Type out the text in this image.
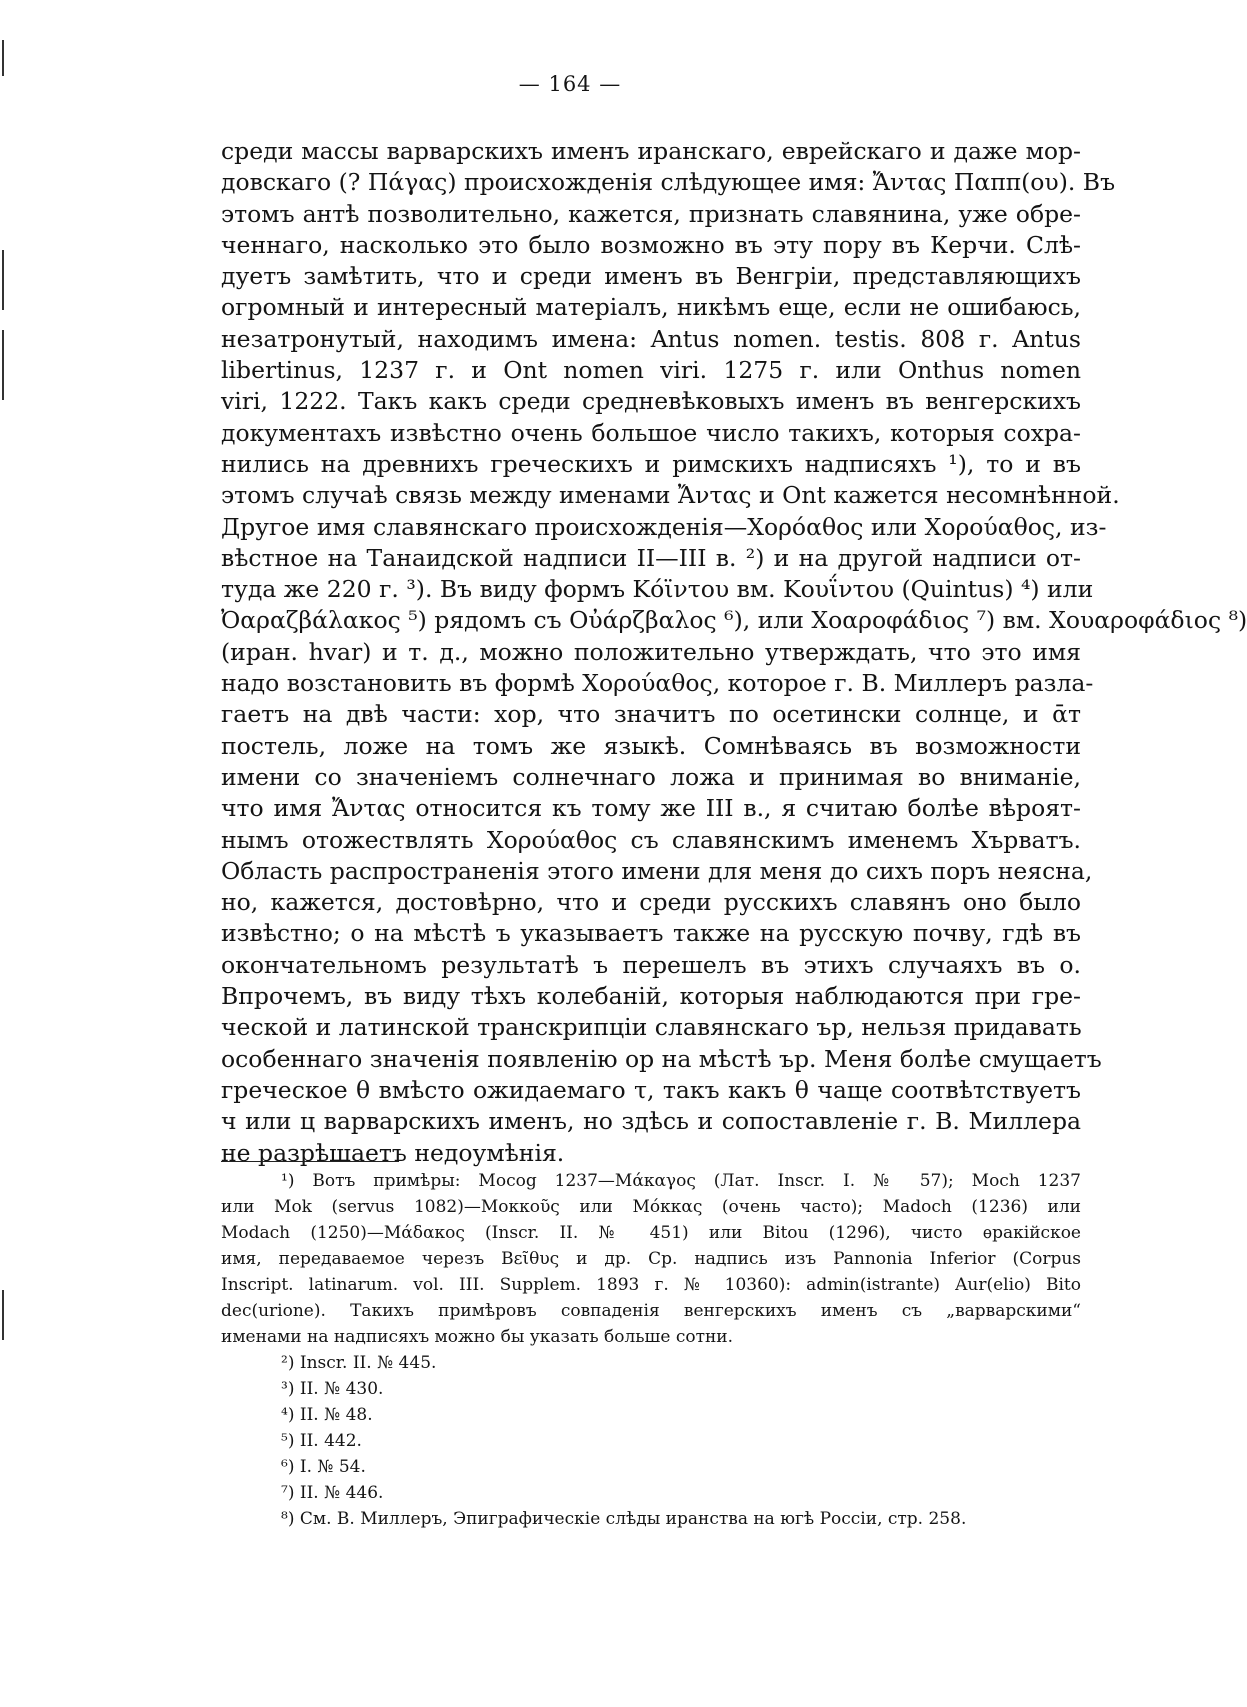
— 164 —
среди массы варварскихъ именъ иранскаго, еврейскаго и даже мор-
довскаго (? Πάγας) происхожденія слѣдующее имя: Ἄντας Παππ(ου). Въ
этомъ антѣ позволительно, кажется, признать славянина, уже обре-
ченнаго, насколько это было возможно въ эту пору въ Керчи. Слѣ-
дуетъ замѣтить, что и среди именъ въ Венгріи, представляющихъ
огромный и интересный матеріалъ, никѣмъ еще, если не ошибаюсь,
незатронутый, находимъ имена: Antus nomen. testis. 808 г. Antus
libertinus, 1237 г. и Ont nomen viri. 1275 г. или Onthus nomen
viri, 1222. Такъ какъ среди средневѣковыхъ именъ въ венгерскихъ
документахъ извѣстно очень большое число такихъ, которыя сохра-
нились на древнихъ греческихъ и римскихъ надписяхъ ¹), то и въ
этомъ случаѣ связь между именами Ἄντας и Ont кажется несомнѣнной.
Другое имя славянскаго происхожденія—Χορόαθος или Χορούαθος, из-
вѣстное на Танаидской надписи II—III в. ²) и на другой надписи от-
туда же 220 г. ³). Въ виду формъ Κόϊντου вм. Κουΐντου (Quintus) ⁴) или
Ὀαραζβάλακος ⁵) рядомъ съ Οὐάρζβαλος ⁶), или Χοαροφάδιος ⁷) вм. Χουαροφάδιος ⁸)
(иран. hvar) и т. д., можно положительно утверждать, что это имя
надо возстановить въ формѣ Χορούαθος, которое г. В. Миллеръ разла-
гаетъ на двѣ части: хор, что значитъ по осетински солнце, и ᾱт
постель, ложе на томъ же языкѣ. Сомнѣваясь въ возможности
имени со значеніемъ солнечнаго ложа и принимая во вниманіе,
что имя Ἄντας относится къ тому же III в., я считаю болѣе вѣроят-
нымъ отожествлять Χορούαθος съ славянскимъ именемъ Хърватъ.
Область распространенія этого имени для меня до сихъ поръ неясна,
но, кажется, достовѣрно, что и среди русскихъ славянъ оно было
извѣстно; о на мѣстѣ ъ указываетъ также на русскую почву, гдѣ въ
окончательномъ результатѣ ъ перешелъ въ этихъ случаяхъ въ о.
Впрочемъ, въ виду тѣхъ колебаній, которыя наблюдаются при гре-
ческой и латинской транскрипціи славянскаго ър, нельзя придавать
особеннаго значенія появленію ор на мѣстѣ ър. Меня болѣе смущаетъ
греческое θ вмѣсто ожидаемаго τ, такъ какъ θ чаще соотвѣтствуетъ
ч или ц варварскихъ именъ, но здѣсь и сопоставленіе г. В. Миллера
не разрѣшаетъ недоумѣнія.
¹) Вотъ примѣры: Mocog 1237—Μάκαγος (Лат. Inscr. I. № 57); Moch 1237
или Mok (servus 1082)—Μοκκοῦς или Μόκκας (очень часто); Madoch (1236) или
Modach (1250)—Μάδακος (Inscr. II. № 451) или Bitou (1296), чисто ѳракійское
имя, передаваемое черезъ Βεῖθυς и др. Ср. надпись изъ Pannonia Inferior (Corpus
Inscript. latinarum. vol. III. Supplem. 1893 г. № 10360): admin(istrante) Aur(elio) Bito
dec(urione). Такихъ примѣровъ совпаденія венгерскихъ именъ съ „варварскими“
именами на надписяхъ можно бы указать больше сотни.
²) Inscr. II. № 445.
³) II. № 430.
⁴) II. № 48.
⁵) II. 442.
⁶) I. № 54.
⁷) II. № 446.
⁸) См. В. Миллеръ, Эпиграфическіе слѣды иранства на югѣ Россіи, стр. 258.
